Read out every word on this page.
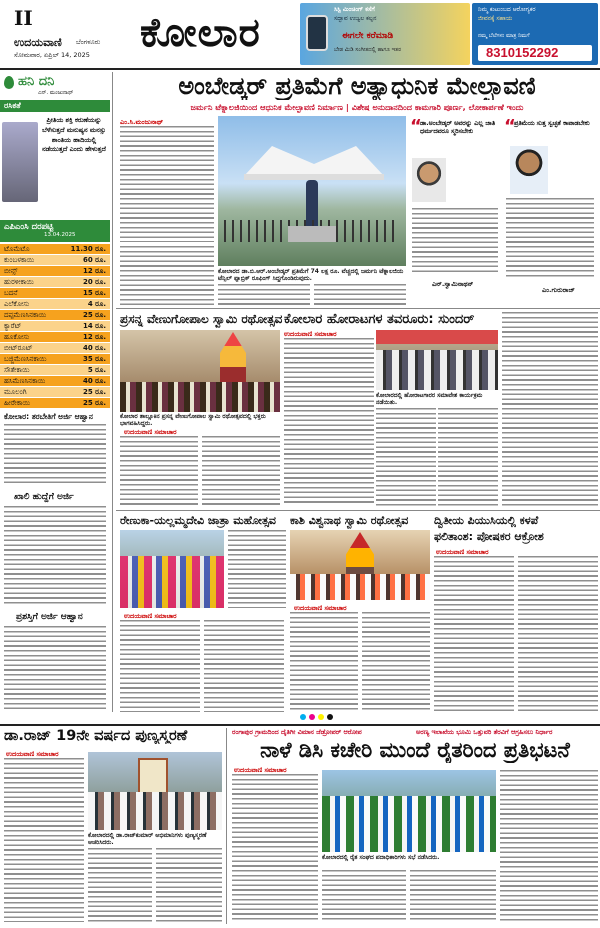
II
ಉದಯವಾಣಿ ಬೆಂಗಳೂರು
ಸೋಮವಾರ, ಏಪ್ರಿಲ್ 14, 2025 ಕೋಲಾರ
ಸಿಸ್ಟಿ ಮಿಂಚಿಂಗ್ ಕಸೆಗೆ
ಸದ್ಭಾವ ಉಜ್ವಲ ಕಲ್ಪನ
ಈಗಲೇ ಕರೆಮಾಡಿ
ಬೇಡ ಮಿಡಿ ಸಂಗೀತದಲ್ಲಿ ಹಾಗೂ ಇತರ
ನಿಮ್ಮ ಕುಟುಂಬದ ಆರೋಗ್ಯಕರ
ಜೀವನಕ್ಕೆ ಸಹಾಯ
8310152292
ನಮ್ಮ ಬೆಲೆಗಳು ಮಾತ್ರ ನಿಮಗೆ
ಹನಿ ದನಿ
ಎನ್. ಮಂಜುನಾಥ್
ರಸಿಕತೆ
ಪ್ರೀತಿಯ ಶಕ್ತಿ ಕರುಣೆಯನ್ನು ಬೆಳೆಸುತ್ತದೆ ಮನುಷ್ಯನ ಮನಸ್ಸು ಶಾಂತಿಯ ಹಾದಿಯಲ್ಲಿ ನಡೆಯುತ್ತದೆ ಎಂದು ಹೇಳುತ್ತದೆ
ಎಪಿಎಂಸಿ ದರಪಟ್ಟಿ
13.04.2025
ಟೊಮೆಟೊ	11.30 ರೂ.
ಕುಂಬಳಕಾಯಿ	60 ರೂ.
ಬೀನ್ಸ್	12 ರೂ.
ಹುರಳೀಕಾಯಿ	20 ರೂ.
ಬದನೆ	15 ರೂ.
ಎಲೆಕೋಸು	4 ರೂ.
ದಪ್ಪಮೆಣಸಿನಕಾಯಿ	25 ರೂ.
ಕ್ಯಾರೆಟ್	14 ರೂ.
ಹೂಕೋಸು	12 ರೂ.
ಬೀಟ್‌ರೂಟ್	40 ರೂ.
ಬಜ್ಜಿಮೆಣಸಿನಕಾಯಿ	35 ರೂ.
ಸೌತೇಕಾಯಿ	5 ರೂ.
ಹಸಿಮೆಣಸಿನಕಾಯಿ	40 ರೂ.
ಮೂಲಂಗಿ	25 ರೂ.
ಹೀರೇಕಾಯಿ	25 ರೂ.
ಕೋಲಾರ: ತರಬೇತಿಗೆ ಅರ್ಜಿ ಆಹ್ವಾನ
ಖಾಲಿ ಹುದ್ದೆಗೆ ಅರ್ಜಿ
ಪ್ರಶಸ್ತಿಗೆ ಅರ್ಜಿ ಆಹ್ವಾನ
ಅಂಬೇಡ್ಕರ್ ಪ್ರತಿಮೆಗೆ ಅತ್ಯಾಧುನಿಕ ಮೇಲ್ಛಾವಣಿ
ಜರ್ಮನಿ ಟೆಕ್ನಾಲಜಿಯಿಂದ ಆಧುನಿಕ ಮೇಲ್ಛಾವಣಿ ನಿರ್ಮಾಣ | ವಿಶೇಷ ಅನುದಾನದಿಂದ ಕಾಮಗಾರಿ ಪೂರ್ಣ, ಲೋಕಾರ್ಪಣೆ ಇಂದು
ಎಂ.ಸಿ.ಮಂಜುನಾಥ್
ಕೋಲಾರದ ಡಾ.ಬಿ.ಆರ್.ಅಂಬೇಡ್ಕರ್ ಪ್ರತಿಮೆಗೆ 74 ಲಕ್ಷ ರೂ. ವೆಚ್ಚದಲ್ಲಿ ಜರ್ಮನಿ ಟೆಕ್ನಾಲಜಿಯ ಟೆನ್ಸಿಲ್ ಫ್ಯಾಬ್ರಿಕ್ ರೂಫಿಂಗ್ ಸಿದ್ಧಗೊಂಡಿರುವುದು.
“
ಡಾ.ಅಂಬೇಡ್ಕರ್ ಅವರನ್ನು ಎಲ್ಲ ಜಾತಿ ಧರ್ಮದವರೂ ಸ್ಮರಿಸಬೇಕು
ಎನ್.ಸ್ವಾಮಿನಾಥನ್
“
ಪ್ರತಿಮೆಯ ಸುತ್ತ ಸ್ವಚ್ಛತೆ ಕಾಪಾಡಬೇಕು
ಎಂ.ಗುರುರಾಜ್
ಪ್ರಸನ್ನ ವೇಣುಗೋಪಾಲ ಸ್ವಾಮಿ ರಥೋತ್ಸವ
ಕೋಲಾರ ತಾಲ್ಲೂಕಿನ ಪ್ರಸನ್ನ ವೇಣುಗೋಪಾಲ ಸ್ವಾಮಿ ರಥೋತ್ಸವದಲ್ಲಿ ಭಕ್ತರು ಭಾಗವಹಿಸಿದ್ದರು.
ಉದಯವಾಣಿ ಸಮಾಚಾರ
ಕೋಲಾರ ಹೋರಾಟಗಳ ತವರೂರು: ಸುಂದರ್
ಉದಯವಾಣಿ ಸಮಾಚಾರ
ಕೋಲಾರದಲ್ಲಿ ಹೋರಾಟಗಾರರ ಸಮಾವೇಶ ಕಾರ್ಯಕ್ರಮ ನಡೆಯಿತು.
ರೇಣುಕಾ-ಯಲ್ಲಮ್ಮದೇವಿ ಜಾತ್ರಾ ಮಹೋತ್ಸವ
ಉದಯವಾಣಿ ಸಮಾಚಾರ
ಕಾಶಿ ವಿಶ್ವನಾಥ ಸ್ವಾಮಿ ರಥೋತ್ಸವ
ಉದಯವಾಣಿ ಸಮಾಚಾರ
ದ್ವಿತೀಯ ಪಿಯುಸಿಯಲ್ಲಿ ಕಳಪೆ
ಫಲಿತಾಂಶ: ಪೋಷಕರ ಆಕ್ರೋಶ
ಉದಯವಾಣಿ ಸಮಾಚಾರ
ಡಾ.ರಾಜ್ 19ನೇ ವರ್ಷದ ಪುಣ್ಯಸ್ಮರಣೆ
ಉದಯವಾಣಿ ಸಮಾಚಾರ
ಕೋಲಾರದಲ್ಲಿ ಡಾ.ರಾಜ್‌ಕುಮಾರ್ ಅಭಿಮಾನಿಗಳು ಪುಣ್ಯಸ್ಮರಣೆ ಆಚರಿಸಿದರು.
ರಂಗಾಪುರ ಗ್ರಾಮದಿಂದ ದೈತಿಗೀ ವಿಮಾನ ಜೆಡ್ರೋಪರ್ ಆರೋಪ	ಅರಣ್ಯ ಇಲಾಖೆಯ ಭೂಮಿ ಒತ್ತುವರಿ ತೆರವಿಗೆ ಆಗ್ರಹಿಸಲು ನಿರ್ಧಾರ
ನಾಳೆ ಡಿಸಿ ಕಚೇರಿ ಮುಂದೆ ರೈತರಿಂದ ಪ್ರತಿಭಟನೆ
ಉದಯವಾಣಿ ಸಮಾಚಾರ
ಕೋಲಾರದಲ್ಲಿ ರೈತ ಸಂಘದ ಪದಾಧಿಕಾರಿಗಳು ಸಭೆ ನಡೆಸಿದರು.
